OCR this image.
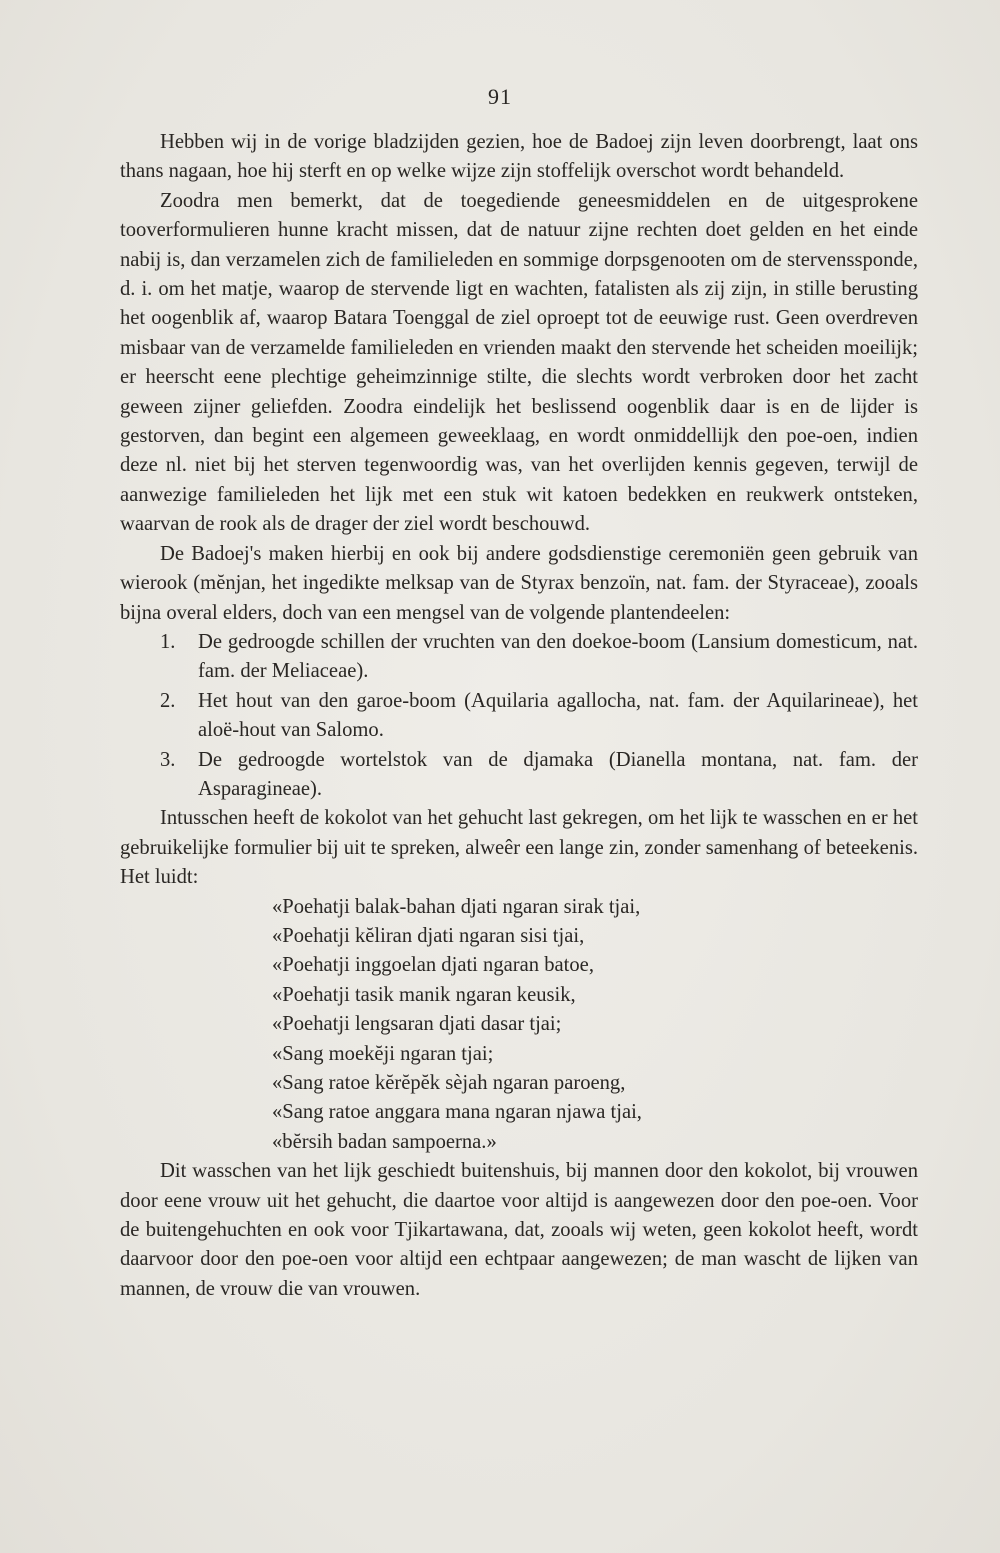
91

Hebben wij in de vorige bladzijden gezien, hoe de Badoej zijn leven doorbrengt, laat ons thans nagaan, hoe hij sterft en op welke wijze zijn stoffelijk overschot wordt behandeld.

Zoodra men bemerkt, dat de toegediende geneesmiddelen en de uitgesprokene tooverformulieren hunne kracht missen, dat de natuur zijne rechten doet gelden en het einde nabij is, dan verzamelen zich de familieleden en sommige dorpsgenooten om de stervenssponde, d. i. om het matje, waarop de stervende ligt en wachten, fatalisten als zij zijn, in stille berusting het oogenblik af, waarop Batara Toenggal de ziel oproept tot de eeuwige rust. Geen overdreven misbaar van de verzamelde familieleden en vrienden maakt den stervende het scheiden moeilijk; er heerscht eene plechtige geheimzinnige stilte, die slechts wordt verbroken door het zacht geween zijner geliefden. Zoodra eindelijk het beslissend oogenblik daar is en de lijder is gestorven, dan begint een algemeen geweeklaag, en wordt onmiddellijk den poe-oen, indien deze nl. niet bij het sterven tegenwoordig was, van het overlijden kennis gegeven, terwijl de aanwezige familieleden het lijk met een stuk wit katoen bedekken en reukwerk ontsteken, waarvan de rook als de drager der ziel wordt beschouwd.

De Badoej's maken hierbij en ook bij andere godsdienstige ceremoniën geen gebruik van wierook (mĕnjan, het ingedikte melksap van de Styrax benzoïn, nat. fam. der Styraceae), zooals bijna overal elders, doch van een mengsel van de volgende plantendeelen:

1.	De gedroogde schillen der vruchten van den doekoe-boom (Lansium domesticum, nat. fam. der Meliaceae).
2.	Het hout van den garoe-boom (Aquilaria agallocha, nat. fam. der Aquilarineae), het aloë-hout van Salomo.
3.	De gedroogde wortelstok van de djamaka (Dianella montana, nat. fam. der Asparagineae).

Intusschen heeft de kokolot van het gehucht last gekregen, om het lijk te wasschen en er het gebruikelijke formulier bij uit te spreken, alweêr een lange zin, zonder samenhang of beteekenis. Het luidt:

«Poehatji balak-bahan djati ngaran sirak tjai,
«Poehatji kĕliran djati ngaran sisi tjai,
«Poehatji inggoelan djati ngaran batoe,
«Poehatji tasik manik ngaran keusik,
«Poehatji lengsaran djati dasar tjai;
«Sang moekĕji ngaran tjai;
«Sang ratoe kĕrĕpĕk sèjah ngaran paroeng,
«Sang ratoe anggara mana ngaran njawa tjai,
«bĕrsih badan sampoerna.»

Dit wasschen van het lijk geschiedt buitenshuis, bij mannen door den kokolot, bij vrouwen door eene vrouw uit het gehucht, die daartoe voor altijd is aangewezen door den poe-oen. Voor de buitengehuchten en ook voor Tjikartawana, dat, zooals wij weten, geen kokolot heeft, wordt daarvoor door den poe-oen voor altijd een echtpaar aangewezen; de man wascht de lijken van mannen, de vrouw die van vrouwen.
